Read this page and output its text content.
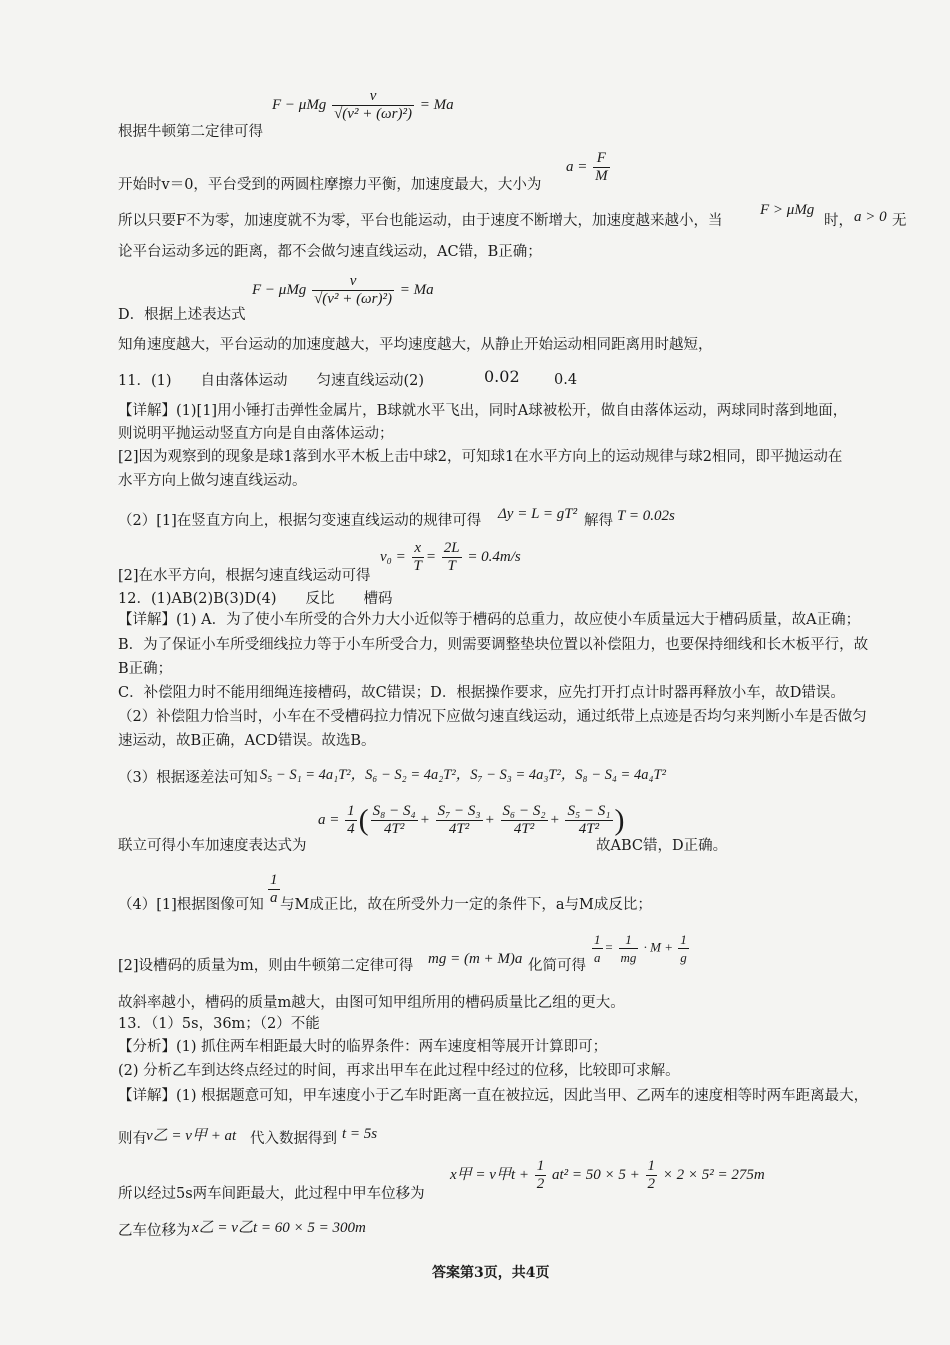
F − μMg $\frac{v}{\text{√(v² + (ωr)²)}} = Ma$
根据牛顿第二定律可得
开始时v＝0，平台受到的两圆柱摩擦力平衡，加速度最大，大小为
$a = \frac{F}{M}$
所以只要F不为零，加速度就不为零，平台也能运动，由于速度不断增大，加速度越来越小，当
F > μMg
时， a > 0 无
论平台运动多远的距离，都不会做匀速直线运动，AC错，B正确；
F − μMg $\frac{v}{\text{√(v² + (ωr)²)}} = Ma$
D．根据上述表达式
知角速度越大，平台运动的加速度越大，平均速度越大，从静止开始运动相同距离用时越短，
11．(1)　　自由落体运动　　匀速直线运动(2)	0.02 0.4
【详解】(1)[1]用小锤打击弹性金属片，B球就水平飞出，同时A球被松开，做自由落体运动，两球同时落到地面，
则说明平抛运动竖直方向是自由落体运动；
[2]因为观察到的现象是球1落到水平木板上击中球2，可知球1在水平方向上的运动规律与球2相同，即平抛运动在
水平方向上做匀速直线运动。
（2）[1]在竖直方向上，根据匀变速直线运动的规律可得 Δy = L = gT² 解得 T = 0.02s
$v_0 = \frac{x}{T} = \frac{2L}{T} = 0.4m/s$
[2]在水平方向，根据匀速直线运动可得
12．(1)AB(2)B(3)D(4)　　反比　　槽码
【详解】(1) A．为了使小车所受的合外力大小近似等于槽码的总重力，故应使小车质量远大于槽码质量，故A正确；
B．为了保证小车所受细线拉力等于小车所受合力，则需要调整垫块位置以补偿阻力，也要保持细线和长木板平行，故
B正确；
C．补偿阻力时不能用细绳连接槽码，故C错误；D．根据操作要求，应先打开打点计时器再释放小车，故D错误。
（2）补偿阻力恰当时，小车在不受槽码拉力情况下应做匀速直线运动，通过纸带上点迹是否均匀来判断小车是否做匀
速运动，故B正确，ACD错误。故选B。
（3）根据逐差法可知 S₅ − S₁ = 4a₁T²，S₆ − S₂ = 4a₂T²，S₇ − S₃ = 4a₃T²，S₈ − S₄ = 4a₄T²
$a = \frac{1}{4}$ ( $\frac{\text{S₈ − S₄}}{\text{4T²}} + \frac{\text{S₇ − S₃}}{\text{4T²}} + \frac{\text{S₆ − S₂}}{\text{4T²}} + \frac{\text{S₅ − S₁}}{\text{4T²}}$ )
联立可得小车加速度表达式为	故ABC错，D正确。
$\frac{1}{a}$
（4）[1]根据图像可知 与M成正比，故在所受外力一定的条件下，a与M成反比；
[2]设槽码的质量为m，则由牛顿第二定律可得 mg = (m + M)a 化简可得 $\frac{1}{a} = \frac{1}{mg} \cdot M + \frac{1}{g}$
故斜率越小，槽码的质量m越大，由图可知甲组所用的槽码质量比乙组的更大。
13．（1）5s，36m；（2）不能
【分析】(1) 抓住两车相距最大时的临界条件：两车速度相等展开计算即可；
(2) 分析乙车到达终点经过的时间，再求出甲车在此过程中经过的位移，比较即可求解。
【详解】(1) 根据题意可知，甲车速度小于乙车时距离一直在被拉远，因此当甲、乙两车的速度相等时两车距离最大，
则有 v乙 = v甲 + at 代入数据得到 t = 5s
x甲 = v甲$t + \frac{1}{2} at^2 = 50 \times 5 + \frac{1}{2} \times 2 \times 5^2 = 275m$
所以经过5s两车间距最大，此过程中甲车位移为
乙车位移为 x乙 = v乙t = 60 × 5 = 300m
答案第3页，共4页
